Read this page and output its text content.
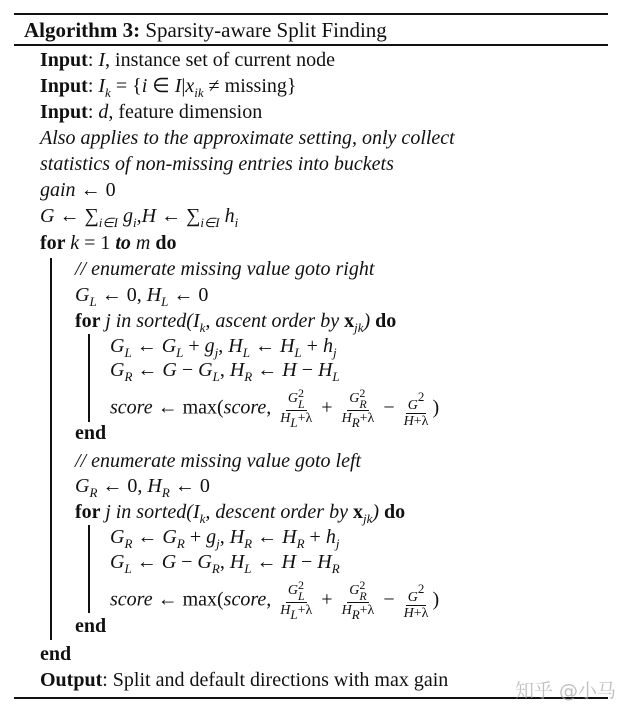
Algorithm 3: Sparsity-aware Split Finding
Input: I, instance set of current node
Input: $I_k = \{i$ ∈ $I|x_{ik} \ne missing$}
Input: d, feature dimension
Also applies to the approximate setting, only collect
statistics of non-missing entries into buckets
gain ← 0
G ← $\sum_{i\in I}$ $g_i,H$ ← $\sum_{i\in I}$ $h_i$
for k = 1 to m do
// enumerate missing value goto right
$G_L$ ← 0, $H_L$ ← 0
for j in $sorted(I_k$, ascent order by $x_{jk}$) do
$G_L$ ← $G_L + g_j$, $H_L$ ← $H_L + h_j$
$G_R$ ← $G - G_L$, $H_R$ ← $H - H_L$
score ← max(score, G 2
L
HL+λ + G 2
R
$HR+\lambda - \frac{G2}{H+\lambda}$ )
end
// enumerate missing value goto left
$G_R$ ← 0, $H_R$ ← 0
for j in $sorted(I_k$, descent order by $x_{jk}$) do
$G_R$ ← $G_R + g_j$, $H_R$ ← $H_R + h_j$
$G_L$ ← $G - G_R$, $H_L$ ← $H - H_R$
score ← max(score, G 2
L
HL+λ + G 2
R
$HR+\lambda - \frac{G2}{H+\lambda}$ )
end
end
Output: Split and default directions with max gain	知乎 @小马
